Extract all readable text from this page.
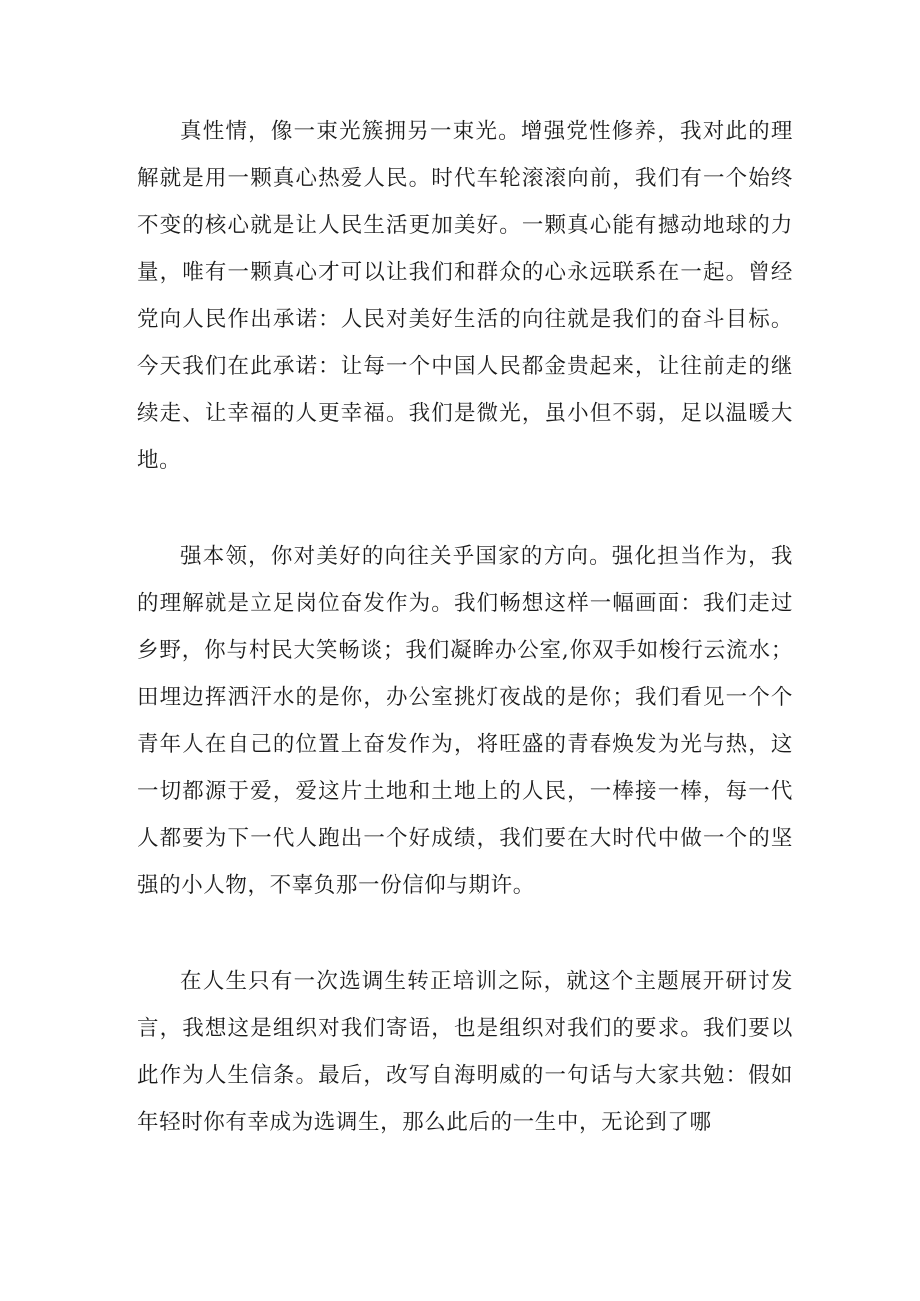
真性情，像一束光簇拥另一束光。增强党性修养，我对此的理解就是用一颗真心热爱人民。时代车轮滚滚向前，我们有一个始终不变的核心就是让人民生活更加美好。一颗真心能有撼动地球的力量，唯有一颗真心才可以让我们和群众的心永远联系在一起。曾经党向人民作出承诺：人民对美好生活的向往就是我们的奋斗目标。今天我们在此承诺：让每一个中国人民都金贵起来，让往前走的继续走、让幸福的人更幸福。我们是微光，虽小但不弱，足以温暖大地。

强本领，你对美好的向往关乎国家的方向。强化担当作为，我的理解就是立足岗位奋发作为。我们畅想这样一幅画面：我们走过乡野，你与村民大笑畅谈；我们凝眸办公室,你双手如梭行云流水；田埋边挥洒汗水的是你，办公室挑灯夜战的是你；我们看见一个个青年人在自己的位置上奋发作为，将旺盛的青春焕发为光与热，这一切都源于爱，爱这片土地和土地上的人民，一棒接一棒，每一代人都要为下一代人跑出一个好成绩，我们要在大时代中做一个的坚强的小人物，不辜负那一份信仰与期许。

在人生只有一次选调生转正培训之际，就这个主题展开研讨发言，我想这是组织对我们寄语，也是组织对我们的要求。我们要以此作为人生信条。最后，改写自海明威的一句话与大家共勉：假如年轻时你有幸成为选调生，那么此后的一生中，无论到了哪
